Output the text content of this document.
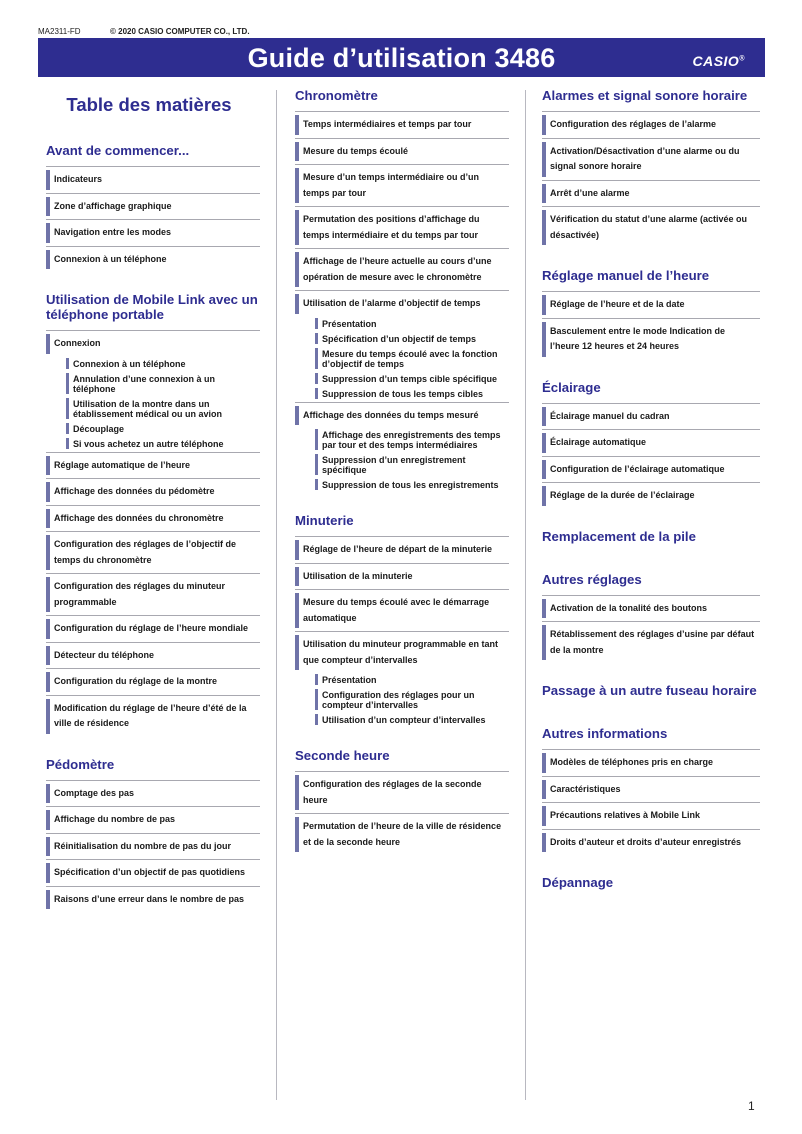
MA2311-FD	© 2020 CASIO COMPUTER CO., LTD.
Guide d’utilisation 3486	CASIO®
Table des matières
Avant de commencer...
Indicateurs
Zone d’affichage graphique
Navigation entre les modes
Connexion à un téléphone
Utilisation de Mobile Link avec un téléphone portable
Connexion
Connexion à un téléphone
Annulation d’une connexion à un téléphone
Utilisation de la montre dans un établissement médical ou un avion
Découplage
Si vous achetez un autre téléphone
Réglage automatique de l’heure
Affichage des données du pédomètre
Affichage des données du chronomètre
Configuration des réglages de l’objectif de temps du chronomètre
Configuration des réglages du minuteur programmable
Configuration du réglage de l’heure mondiale
Détecteur du téléphone
Configuration du réglage de la montre
Modification du réglage de l’heure d’été de la ville de résidence
Pédomètre
Comptage des pas
Affichage du nombre de pas
Réinitialisation du nombre de pas du jour
Spécification d’un objectif de pas quotidiens
Raisons d’une erreur dans le nombre de pas
Chronomètre
Temps intermédiaires et temps par tour
Mesure du temps écoulé
Mesure d’un temps intermédiaire ou d’un temps par tour
Permutation des positions d’affichage du temps intermédiaire et du temps par tour
Affichage de l’heure actuelle au cours d’une opération de mesure avec le chronomètre
Utilisation de l’alarme d’objectif de temps
Présentation
Spécification d’un objectif de temps
Mesure du temps écoulé avec la fonction d’objectif de temps
Suppression d’un temps cible spécifique
Suppression de tous les temps cibles
Affichage des données du temps mesuré
Affichage des enregistrements des temps par tour et des temps intermédiaires
Suppression d’un enregistrement spécifique
Suppression de tous les enregistrements
Minuterie
Réglage de l’heure de départ de la minuterie
Utilisation de la minuterie
Mesure du temps écoulé avec le démarrage automatique
Utilisation du minuteur programmable en tant que compteur d’intervalles
Présentation
Configuration des réglages pour un compteur d’intervalles
Utilisation d’un compteur d’intervalles
Seconde heure
Configuration des réglages de la seconde heure
Permutation de l’heure de la ville de résidence et de la seconde heure
Alarmes et signal sonore horaire
Configuration des réglages de l’alarme
Activation/Désactivation d’une alarme ou du signal sonore horaire
Arrêt d’une alarme
Vérification du statut d’une alarme (activée ou désactivée)
Réglage manuel de l’heure
Réglage de l’heure et de la date
Basculement entre le mode Indication de l’heure 12 heures et 24 heures
Éclairage
Éclairage manuel du cadran
Éclairage automatique
Configuration de l’éclairage automatique
Réglage de la durée de l’éclairage
Remplacement de la pile
Autres réglages
Activation de la tonalité des boutons
Rétablissement des réglages d’usine par défaut de la montre
Passage à un autre fuseau horaire
Autres informations
Modèles de téléphones pris en charge
Caractéristiques
Précautions relatives à Mobile Link
Droits d’auteur et droits d’auteur enregistrés
Dépannage
1
